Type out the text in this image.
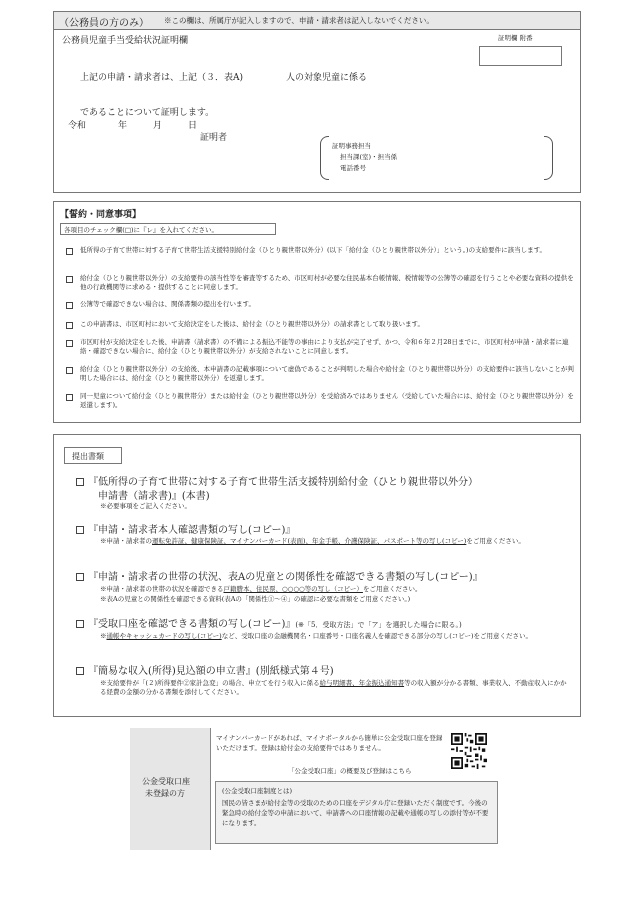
（公務員の方のみ） ※この欄は、所属庁が記入しますので、申請・請求者は記入しないでください。
公務員児童手当受給状況証明欄	証明欄 附番
上記の申請・請求者は、上記（３．表A)	人の対象児童に係る
であることについて証明します。
令和	年	月	日
証明者
証明事務担当
担当課(室)・担当係
電話番号
【誓約・同意事項】
各項目のチェック欄(□)に『レ』を入れてください。
低所得の子育て世帯に対する子育て世帯生活支援特別給付金（ひとり親世帯以外分）(以下「給付金（ひとり親世帯以外分）」という。)の支給要件に該当します。
給付金（ひとり親世帯以外分）の支給要件の該当性等を審査等するため、市区町村が必要な住民基本台帳情報、税情報等の公簿等の確認を行うことや必要な資料の提供を他の行政機関等に求める・提供することに同意します。
公簿等で確認できない場合は、関係書類の提出を行います。
この申請書は、市区町村において支給決定をした後は、給付金（ひとり親世帯以外分）の請求書として取り扱います。
市区町村が支給決定をした後、申請書（請求書）の不備による振込不能等の事由により支払が完了せず、かつ、令和６年２月28日までに、市区町村が申請・請求者に連絡・確認できない場合に、給付金（ひとり親世帯以外分）が支給されないことに同意します。
給付金（ひとり親世帯以外分）の支給後、本申請書の記載事項について虚偽であることが判明した場合や給付金（ひとり親世帯以外分）の支給要件に該当しないことが判明した場合には、給付金（ひとり親世帯以外分）を返還します。
同一児童について給付金（ひとり親世帯分）または給付金（ひとり親世帯以外分）を受給済みではありません（受給していた場合には、給付金（ひとり親世帯以外分）を返還します)。
提出書類
『低所得の子育て世帯に対する子育て世帯生活支援特別給付金（ひとり親世帯以外分）
申請書（請求書)』(本書)
※必要事項をご記入ください。
『申請・請求者本人確認書類の写し(コピー)』
※申請・請求者の運転免許証、健康保険証、マイナンバーカード(表面)、年金手帳、介護保険証、パスポート等の写し(コピー)をご用意ください。
『申請・請求者の世帯の状況、表Aの児童との関係性を確認できる書類の写し(コピー)』
※申請・請求者の世帯の状況を確認できる戸籍謄本、住民票、○○○○等の写し（コピー）をご用意ください。
※表Aの児童との関係性を確認できる資料(表Aの「関係性①～④」の確認に必要な書類をご用意ください。)
『受取口座を確認できる書類の写し(コピー)』(※「5．受取方法」で「ア」を選択した場合に限る。)
※通帳やキャッシュカードの写し(コピー)など、受取口座の金融機関名・口座番号・口座名義人を確認できる部分の写し(コピー)をご用意ください。
『簡易な収入(所得)見込額の申立書』(別紙様式第４号)
※支給要件が「(２)所得要件②家計急変」の場合、申立てを行う収入に係る給与明細書、年金振込通知書等の収入額が分かる書類、事業収入、不動産収入にかかる経費の金額の分かる書類を添付してください。
公金受取口座
未登録の方
マイナンバーカードがあれば、マイナポータルから簡単に公金受取口座を登録いただけます。登録は給付金の支給要件ではありません。
「公金受取口座」の概要及び登録はこちら
(公金受取口座制度とは)
国民の皆さまが給付金等の受取のための口座をデジタル庁に登録いただく制度です。今後の緊急時の給付金等の申請において、申請書への口座情報の記載や通帳の写しの添付等が不要になります。
